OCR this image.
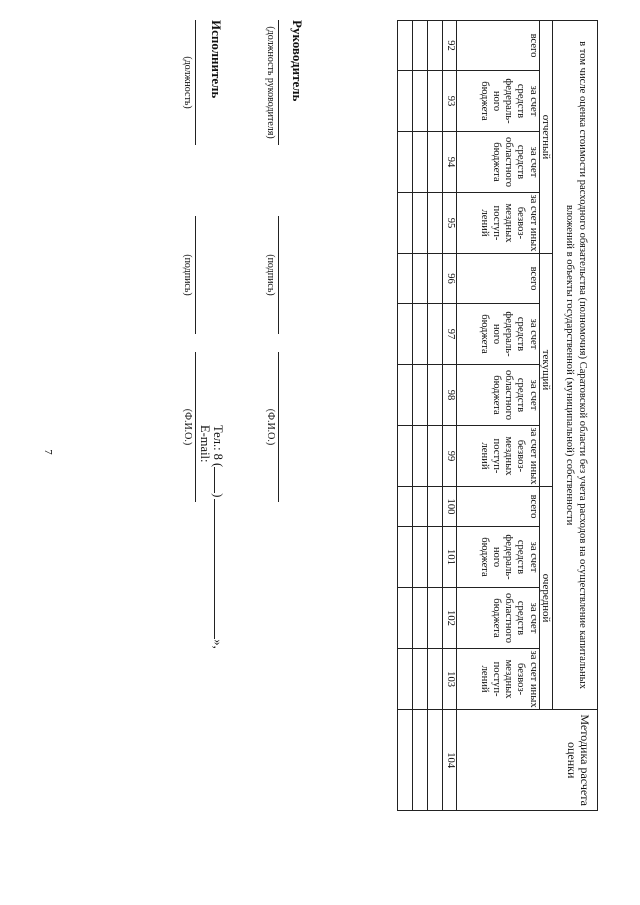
7	в том числе оценка стоимости расходного обязательства (полномочия) Саратовской области без учета расходов на осуществление капитальных вложений в объекты государственной (муниципальной) собственности												Методика расчета оценки
отчетный				текущий				очередной				
всего	за счет средств федераль-ного бюджета	за счет средств областного бюджета	за счет иных безвоз-мездных поступ-лений	всего	за счет средств федераль-ного бюджета	за счет средств областного бюджета	за счет иных безвоз-мездных поступ-лений	всего	за счет средств федераль-ного бюджета	за счет средств областного бюджета	за счет иных безвоз-мездных поступ-лений	
92	93	94	95	96	97	98	99	100	101	102	103	104

Руководитель
(должность руководителя)
(подпись)
(Ф.И.О.)
Исполнитель
(должность)
(подпись)
(Ф.И.О.) Тел.: 8 ()»,
E-mail:
